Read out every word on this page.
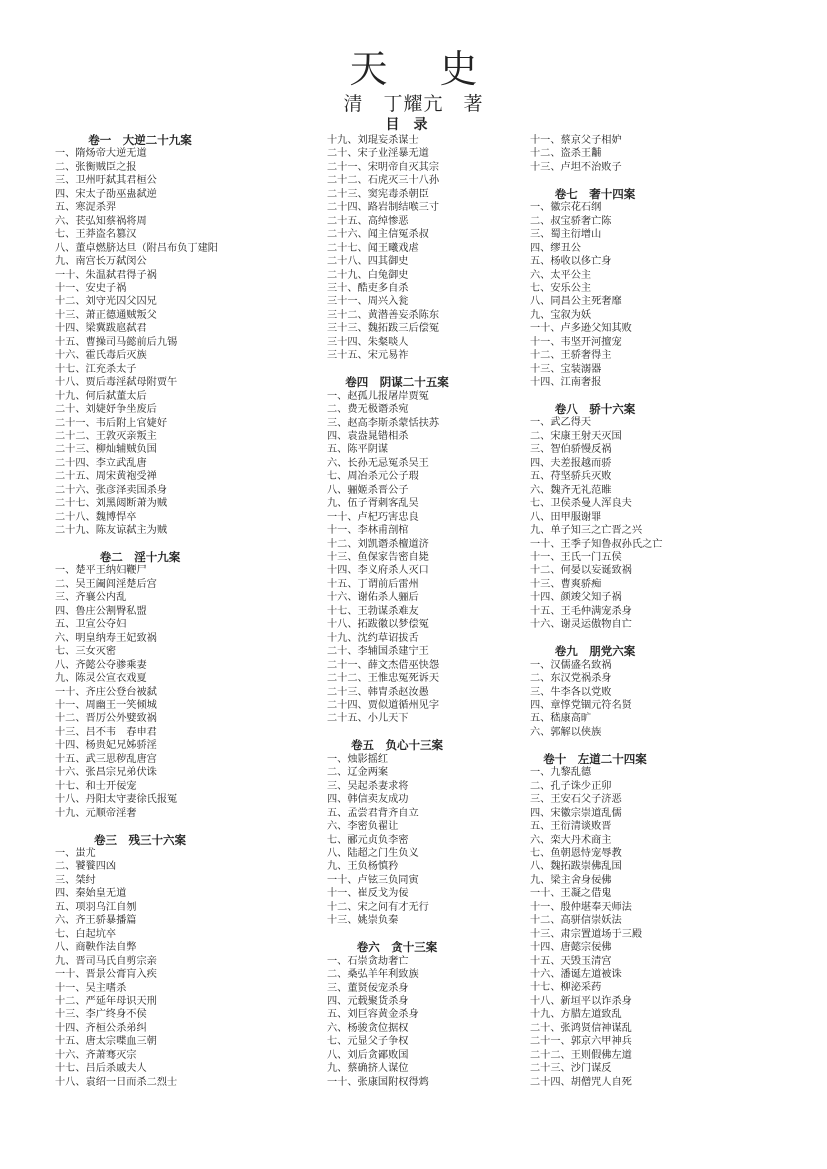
天史
清　丁耀亢　著
目录
卷一　大逆二十九案
一、隋炀帝大逆无道
二、张衡贼臣之报
三、卫州吁弑其君桓公
四、宋太子劭巫蛊弑逆
五、寒浞杀羿
六、苌弘知蔡祸将周
七、王莽盗名篡汉
八、董卓燃脐达旦（附吕布负丁建阳
九、南宫长万弑闵公
一十、朱温弑君得子祸
十一、安史子祸
十二、刘守光囚父囚兄
十三、萧正德通贼叛父
十四、梁冀跋扈弑君
十五、曹操司马懿前后九锡
十六、霍氏毒后灭族
十七、江充杀太子
十八、贾后毒淫弑母附贾午
十九、何后弑董太后
二十、刘婕妤争坐废后
二十一、韦后附上官婕好
二十二、王敦灭亲叛主
二十三、柳灿辅贼负国
二十四、李立武乱唐
二十五、周宋黄袍受禅
二十六、张彦泽卖国杀身
二十七、刘黑闼断萧为贼
二十八、魏博悍卒
二十九、陈友谅弑主为贼
卷二　淫十九案
一、楚平王纳妇鞭尸
二、吴王阖闾淫楚后宫
三、齐襄公内乱
四、鲁庄公割臀私盟
五、卫宣公夺妇
六、明皇纳寿王妃致祸
七、三女灭密
八、齐懿公夺骖乘妻
九、陈灵公宣衣戏夏
一十、齐庄公登台被弑
十一、周幽王一笑倾城
十二、晋厉公外嬖致祸
十三、吕不韦　春申君
十四、杨贵妃兄姊骄淫
十五、武三思秽乱唐宫
十六、张昌宗兄弟伏诛
十七、和士开佞宠
十八、丹阳太守妻徐氏报冤
十九、元顺帝淫奢
卷三　残三十六案
一、蚩尤
二、饕餮四凶
三、桀纣
四、秦始皇无道
五、项羽乌江自刎
六、齐王骄暴播篇
七、白起坑卒
八、商鞅作法自弊
九、晋司马氏自剪宗亲
一十、晋景公膏肓入疾
十一、吴主嗜杀
十二、严延年母识天刑
十三、李广终身不侯
十四、齐桓公杀弟纠
十五、唐太宗喋血三朝
十六、齐萧骞灭宗
十七、吕后杀戚夫人
十八、袁绍一日而杀二烈士
十九、刘琨妄杀谋士
二十、宋子业淫暴无道
二十一、宋明帝自灭其宗
二十二、石虎灭三十八孙
二十三、窦宪毒杀朝臣
二十四、路岩制结喉三寸
二十五、高绰惨恶
二十六、闻主信冤杀叔
二十七、闻王曦戏虐
二十八、四其御史
二十九、白兔御史
三十、酷吏多自杀
三十一、周兴入瓮
三十二、黄潜善妄杀陈东
三十三、魏拓跋三后偿冤
三十四、朱粲啖人
三十五、宋元易祚
卷四　阴谋二十五案
一、赵孤儿报屠岸贾冤
二、费无极谮杀宛
三、赵高李斯杀蒙恬扶苏
四、袁盎晁错相杀
五、陈平阴谋
六、长孙无忌冤杀吴王
七、周冶杀元公子瑕
八、骊姬杀晋公子
九、伍子胥刺客乱吴
一十、卢杞巧害忠良
十一、李林甫剖棺
十二、刘凯谮杀檀道济
十三、鱼保家告密自毙
十四、李义府杀人灭口
十五、丁谓前后雷州
十六、谢佑杀人骊后
十七、王勃谋杀难友
十八、拓跋徽以梦偿冤
十九、沈约草诏拔舌
二十、李辅国杀建宁王
二十一、薛文杰借巫快怨
二十二、王惟忠冤死诉天
二十三、韩胄杀赵汝愚
二十四、贾似道循州见字
二十五、小儿天下
卷五　负心十三案
一、烛影摇红
二、辽金两案
三、吴起杀妻求将
四、韩信卖友成功
五、孟尝君背齐自立
六、李密负翟让
七、郦元贞负李密
八、陆超之门生负义
九、王负杨慎矜
一十、卢铉三负同寅
十一、崔反戈为佞
十二、宋之问有才无行
十三、姚崇负秦
卷六　贪十三案
一、石崇贪劫奢亡
二、桑弘羊年利致族
三、董贤佞宠杀身
四、元载聚货杀身
五、刘巨容黄金杀身
六、杨骏贪位据权
七、元显父子争权
八、刘后贪鄙败国
九、蔡确挤人谋位
一十、张康国附权得鸩
十一、蔡京父子相妒
十二、盗杀王黼
十三、卢坦不治败子
卷七　奢十四案
一、徽宗花石纲
二、叔宝骄奢亡陈
三、蜀主衍增山
四、缪丑公
五、杨收以侈亡身
六、太平公主
七、安乐公主
八、同昌公主死奢靡
九、宝叙为妖
一十、卢多逊父知其败
十一、韦坚开河擅宠
十二、王骄奢得主
十三、宝装溺器
十四、江南奢报
卷八　骄十六案
一、武乙得天
二、宋康王射天灭国
三、智伯骄慢反祸
四、夫差报越而骄
五、苻坚骄兵灭败
六、魏齐无礼范睢
七、卫侯杀曼人浑良夫
八、田甲服谢罪
九、单子知三之亡晋之兴
一十、王季子知鲁叔孙氏之亡
十一、王氏一门五侯
十二、何晏以妄诞致祸
十三、曹爽骄痴
十四、颜竣父知子祸
十五、王毛仲满宠杀身
十六、谢灵运傲物自亡
卷九　朋党六案
一、汉儒盛名致祸
二、东汉党祸杀身
三、牛李各以党败
四、章惇党锢元符名贤
五、嵇康高旷
六、郭解以侠族
卷十　左道二十四案
一、九黎乱德
二、孔子诛少正卯
三、王安石父子济恶
四、宋徽宗崇道乱儒
五、王衍清谈败晋
六、栾大丹术商主
七、鱼朝恩恃宠辱教
八、魏拓跋崇佛乱国
九、梁主舍身佞佛
一十、王凝之借鬼
十一、殷仲堪奉天师法
十二、高骈信崇妖法
十三、肃宗置道场于三殿
十四、唐懿宗佞佛
十五、天毁玉清宫
十六、潘诞左道被诛
十七、柳泌采药
十八、新垣平以诈杀身
十九、方腊左道致乱
二十、张鸿贤信神谋乱
二十一、郭京六甲神兵
二十二、王则假佛左道
二十三、沙门谋反
二十四、胡僧咒人自死
